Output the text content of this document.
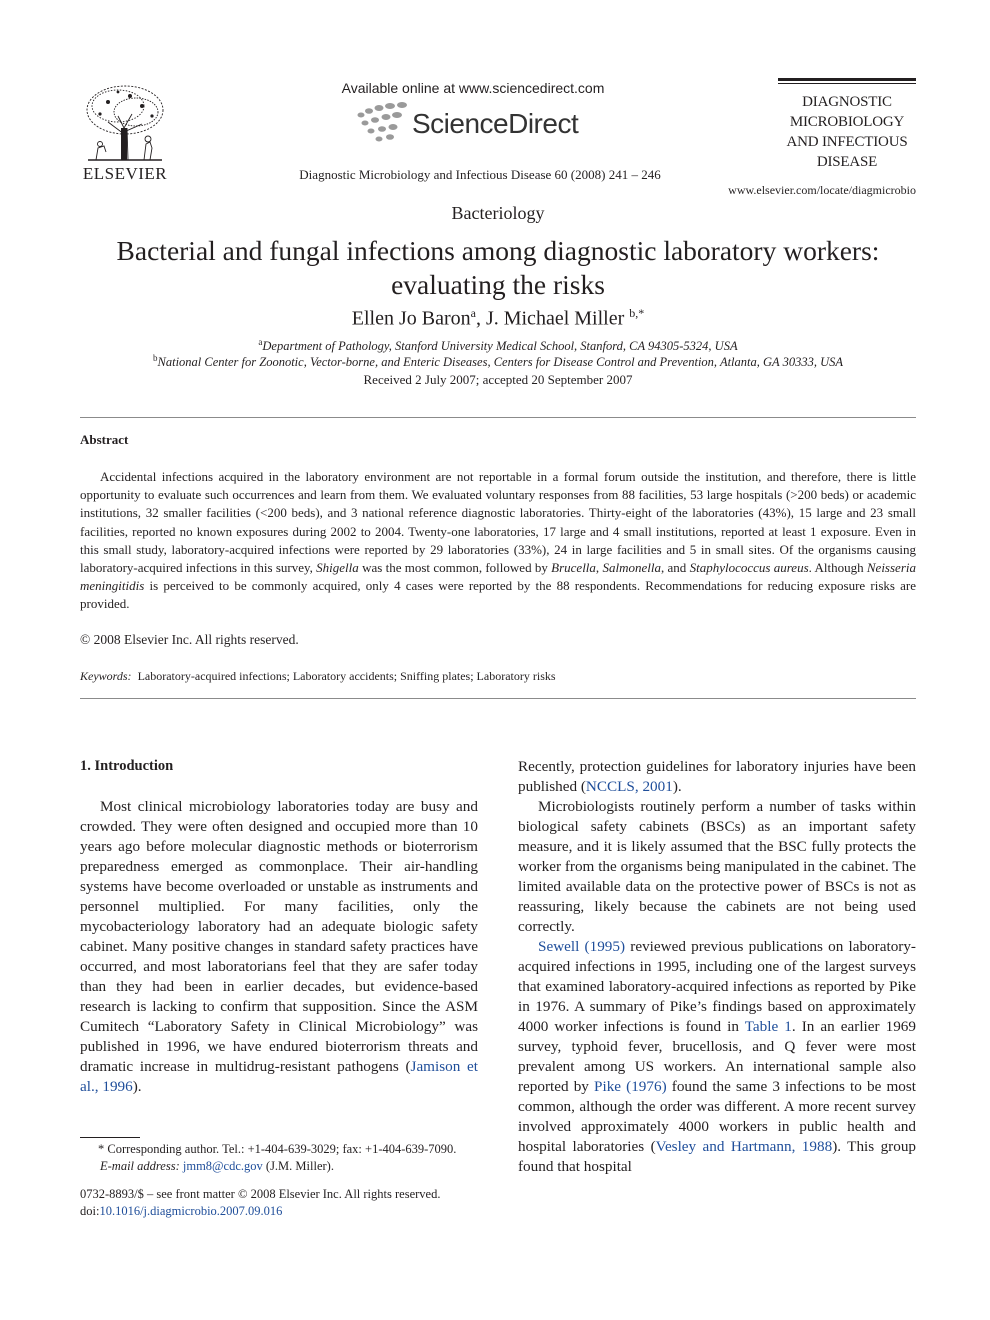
ELSEVIER
Available online at www.sciencedirect.com
ScienceDirect
Diagnostic Microbiology and Infectious Disease 60 (2008) 241 – 246
DIAGNOSTIC
MICROBIOLOGY
AND INFECTIOUS
DISEASE
www.elsevier.com/locate/diagmicrobio
Bacteriology
Bacterial and fungal infections among diagnostic laboratory workers:
evaluating the risks
Ellen Jo Baron$^a$, J. Michael Miller $^{b,*}$
$^a$Department of Pathology, Stanford University Medical School, Stanford, CA 94305-5324, USA
$^b$National Center for Zoonotic, Vector-borne, and Enteric Diseases, Centers for Disease Control and Prevention, Atlanta, GA 30333, USA
Received 2 July 2007; accepted 20 September 2007
Abstract
Accidental infections acquired in the laboratory environment are not reportable in a formal forum outside the institution, and therefore, there is little opportunity to evaluate such occurrences and learn from them. We evaluated voluntary responses from 88 facilities, 53 large hospitals (>200 beds) or academic institutions, 32 smaller facilities (<200 beds), and 3 national reference diagnostic laboratories. Thirty-eight of the laboratories (43%), 15 large and 23 small facilities, reported no known exposures during 2002 to 2004. Twenty-one laboratories, 17 large and 4 small institutions, reported at least 1 exposure. Even in this small study, laboratory-acquired infections were reported by 29 laboratories (33%), 24 in large facilities and 5 in small sites. Of the organisms causing laboratory-acquired infections in this survey, Shigella was the most common, followed by Brucella, Salmonella, and Staphylococcus aureus. Although Neisseria meningitidis is perceived to be commonly acquired, only 4 cases were reported by the 88 respondents. Recommendations for reducing exposure risks are provided.
© 2008 Elsevier Inc. All rights reserved.
Keywords: Laboratory-acquired infections; Laboratory accidents; Sniffing plates; Laboratory risks
1. Introduction

Most clinical microbiology laboratories today are busy and crowded. They were often designed and occupied more than 10 years ago before molecular diagnostic methods or bioterrorism preparedness emerged as commonplace. Their air-handling systems have become overloaded or unstable as instruments and personnel multiplied. For many facilities, only the mycobacteriology laboratory had an adequate biologic safety cabinet. Many positive changes in standard safety practices have occurred, and most laboratorians feel that they are safer today than they had been in earlier decades, but evidence-based research is lacking to confirm that supposition. Since the ASM Cumitech “Laboratory Safety in Clinical Microbiology” was published in 1996, we have endured bioterrorism threats and dramatic increase in multidrug-resistant pathogens (Jamison et al., 1996).

Recently, protection guidelines for laboratory injuries have been published (NCCLS, 2001).

Microbiologists routinely perform a number of tasks within biological safety cabinets (BSCs) as an important safety measure, and it is likely assumed that the BSC fully protects the worker from the organisms being manipulated in the cabinet. The limited available data on the protective power of BSCs is not as reassuring, likely because the cabinets are not being used correctly.

Sewell (1995) reviewed previous publications on laboratory-acquired infections in 1995, including one of the largest surveys that examined laboratory-acquired infections as reported by Pike in 1976. A summary of Pike’s findings based on approximately 4000 worker infections is found in Table 1. In an earlier 1969 survey, typhoid fever, brucellosis, and Q fever were most prevalent among US workers. An international sample also reported by Pike (1976) found the same 3 infections to be most common, although the order was different. A more recent survey involved approximately 4000 workers in public health and hospital laboratories (Vesley and Hartmann, 1988). This group found that hospital

* Corresponding author. Tel.: +1-404-639-3029; fax: +1-404-639-7090.
E-mail address: jmm8@cdc.gov (J.M. Miller).
0732-8893/$ – see front matter © 2008 Elsevier Inc. All rights reserved.
doi:10.1016/j.diagmicrobio.2007.09.016
